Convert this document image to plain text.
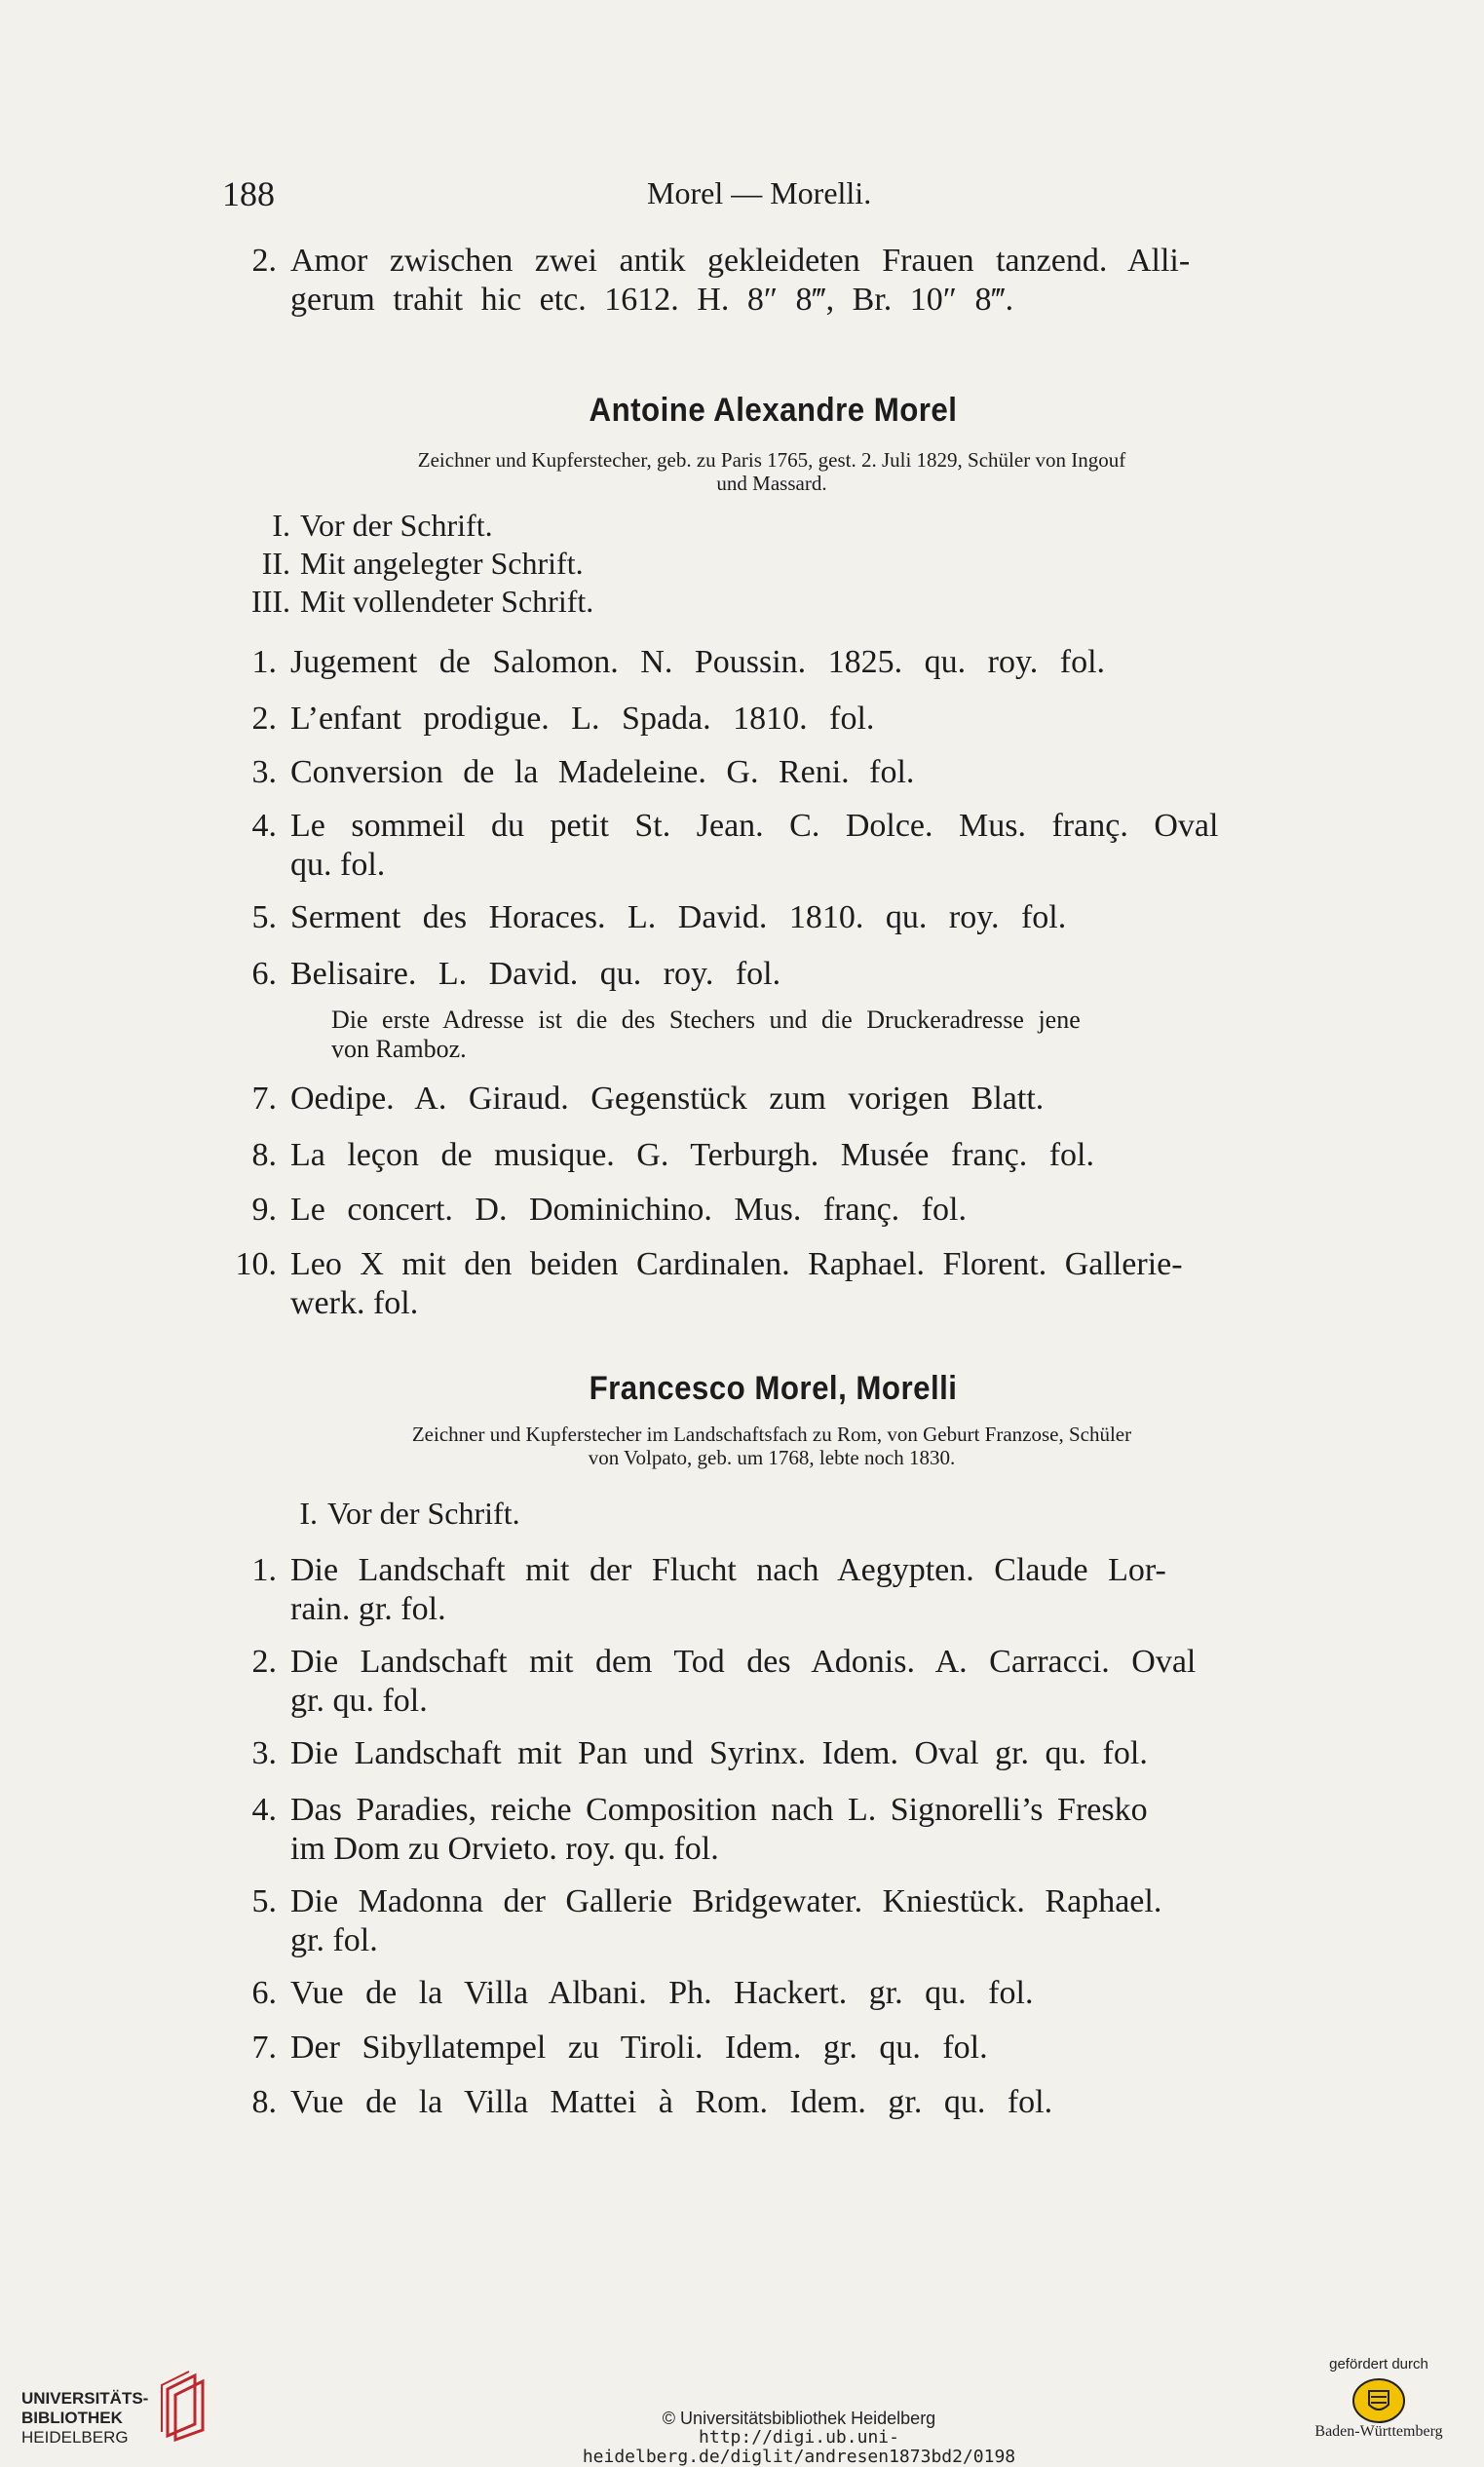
188	Morel — Morelli.
2. Amor zwischen zwei antik gekleideten Frauen tanzend. Alli-
gerum trahit hic etc. 1612. H. 8″ 8‴, Br. 10″ 8‴.
Antoine Alexandre Morel
Zeichner und Kupferstecher, geb. zu Paris 1765, gest. 2. Juli 1829, Schüler von Ingouf
und Massard.
I. Vor der Schrift.
II. Mit angelegter Schrift.
III. Mit vollendeter Schrift.
1. Jugement de Salomon. N. Poussin. 1825. qu. roy. fol.
2. L’enfant prodigue. L. Spada. 1810. fol.
3. Conversion de la Madeleine. G. Reni. fol.
4. Le sommeil du petit St. Jean. C. Dolce. Mus. franç. Oval
qu. fol.
5. Serment des Horaces. L. David. 1810. qu. roy. fol.
6. Belisaire. L. David. qu. roy. fol.
Die erste Adresse ist die des Stechers und die Druckeradresse jene
von Ramboz.
7. Oedipe. A. Giraud. Gegenstück zum vorigen Blatt.
8. La leçon de musique. G. Terburgh. Musée franç. fol.
9. Le concert. D. Dominichino. Mus. franç. fol.
10. Leo X mit den beiden Cardinalen. Raphael. Florent. Gallerie-
werk. fol.
Francesco Morel, Morelli
Zeichner und Kupferstecher im Landschaftsfach zu Rom, von Geburt Franzose, Schüler
von Volpato, geb. um 1768, lebte noch 1830.
I. Vor der Schrift.
1. Die Landschaft mit der Flucht nach Aegypten. Claude Lor-
rain. gr. fol.
2. Die Landschaft mit dem Tod des Adonis. A. Carracci. Oval
gr. qu. fol.
3. Die Landschaft mit Pan und Syrinx. Idem. Oval gr. qu. fol.
4. Das Paradies, reiche Composition nach L. Signorelli’s Fresko
im Dom zu Orvieto. roy. qu. fol.
5. Die Madonna der Gallerie Bridgewater. Kniestück. Raphael.
gr. fol.
6. Vue de la Villa Albani. Ph. Hackert. gr. qu. fol.
7. Der Sibyllatempel zu Tiroli. Idem. gr. qu. fol.
8. Vue de la Villa Mattei à Rom. Idem. gr. qu. fol.
UNIVERSITÄTS-
BIBLIOTHEK
HEIDELBERG
© Universitätsbibliothek Heidelberg
http://digi.ub.uni-heidelberg.de/diglit/andresen1873bd2/0198
gefördert durch
Baden-Württemberg
